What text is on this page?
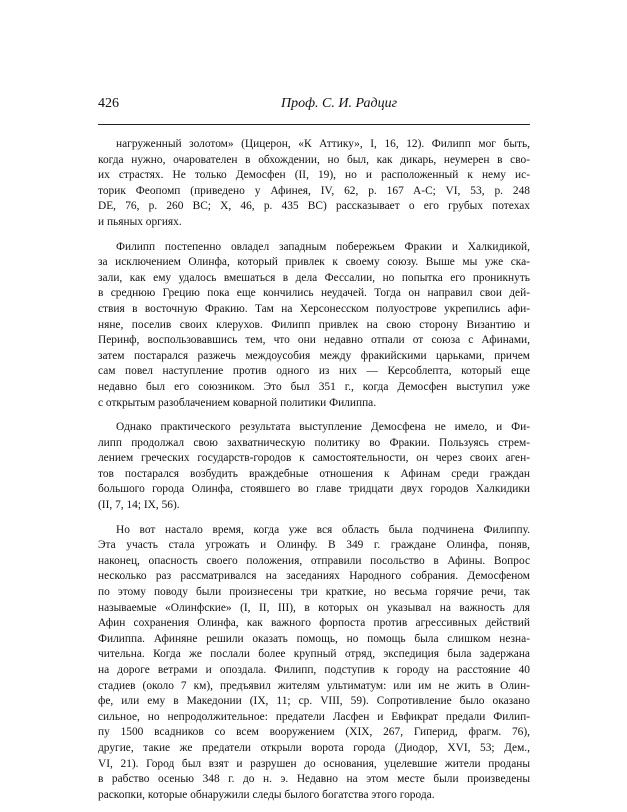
426	Проф. С. И. Радциг

нагруженный золотом» (Цицерон, «К Аттику», I, 16, 12). Филипп мог быть,
когда нужно, очарователен в обхождении, но был, как дикарь, неумерен в сво-
их страстях. Не только Демосфен (II, 19), но и расположенный к нему ис-
торик Феопомп (приведено у Афинея, IV, 62, p. 167 A-C; VI, 53, p. 248
DE, 76, p. 260 BC; X, 46, p. 435 BC) рассказывает о его грубых потехах
и пьяных оргиях.

Филипп постепенно овладел западным побережьем Фракии и Халкидикой,
за исключением Олинфа, который привлек к своему союзу. Выше мы уже ска-
зали, как ему удалось вмешаться в дела Фессалии, но попытка его проникнуть
в среднюю Грецию пока еще кончились неудачей. Тогда он направил свои дей-
ствия в восточную Фракию. Там на Херсонесском полуострове укрепились афи-
няне, поселив своих клерухов. Филипп привлек на свою сторону Византию и
Перинф, воспользовавшись тем, что они недавно отпали от союза с Афинами,
затем постарался разжечь междоусобия между фракийскими царьками, причем
сам повел наступление против одного из них — Керсоблепта, который еще
недавно был его союзником. Это был 351 г., когда Демосфен выступил уже
с открытым разоблачением коварной политики Филиппа.

Однако практического результата выступление Демосфена не имело, и Фи-
липп продолжал свою захватническую политику во Фракии. Пользуясь стрем-
лением греческих государств-городов к самостоятельности, он через своих аген-
тов постарался возбудить враждебные отношения к Афинам среди граждан
большого города Олинфа, стоявшего во главе тридцати двух городов Халкидики
(II, 7, 14; IX, 56).

Но вот настало время, когда уже вся область была подчинена Филиппу.
Эта участь стала угрожать и Олинфу. В 349 г. граждане Олинфа, поняв,
наконец, опасность своего положения, отправили посольство в Афины. Вопрос
несколько раз рассматривался на заседаниях Народного собрания. Демосфеном
по этому поводу были произнесены три краткие, но весьма горячие речи, так
называемые «Олинфские» (I, II, III), в которых он указывал на важность для
Афин сохранения Олинфа, как важного форпоста против агрессивных действий
Филиппа. Афиняне решили оказать помощь, но помощь была слишком незна-
чительна. Когда же послали более крупный отряд, экспедиция была задержана
на дороге ветрами и опоздала. Филипп, подступив к городу на расстояние 40
стадиев (около 7 км), предъявил жителям ультиматум: или им не жить в Олин-
фе, или ему в Македонии (IX, 11; ср. VIII, 59). Сопротивление было оказано
сильное, но непродолжительное: предатели Ласфен и Евфикрат предали Филип-
пу 1500 всадников со всем вооружением (XIX, 267, Гиперид, фрагм. 76),
другие, такие же предатели открыли ворота города (Диодор, XVI, 53; Дем.,
VI, 21). Город был взят и разрушен до основания, уцелевшие жители проданы
в рабство осенью 348 г. до н. э. Недавно на этом месте были произведены
раскопки, которые обнаружили следы былого богатства этого города.
